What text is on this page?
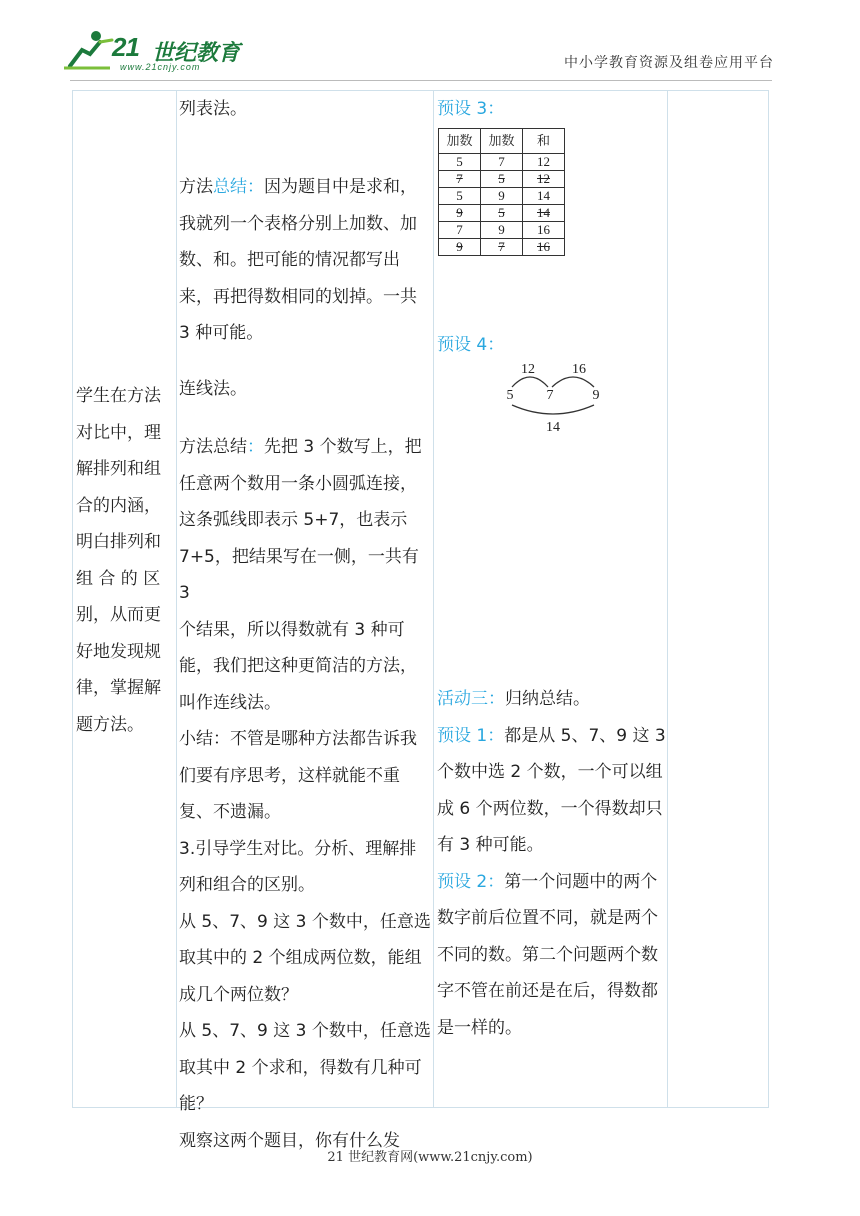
21 世纪教育
www.21cnjy.com	中小学教育资源及组卷应用平台
学生在方法
对比中，理
解排列和组
合的内涵，
明白排列和
组 合 的 区
别，从而更
好地发现规
律，掌握解
题方法。
列表法。
方法总结：因为题目中是求和，
我就列一个表格分别上加数、加
数、和。把可能的情况都写出
来，再把得数相同的划掉。一共
3 种可能。
连线法。
方法总结：先把 3 个数写上，把
任意两个数用一条小圆弧连接，
这条弧线即表示 5+7，也表示
7+5，把结果写在一侧，一共有 3
个结果，所以得数就有 3 种可
能，我们把这种更简洁的方法，
叫作连线法。
小结：不管是哪种方法都告诉我
们要有序思考，这样就能不重
复、不遗漏。
3.引导学生对比。分析、理解排
列和组合的区别。
从 5、7、9 这 3 个数中，任意选
取其中的 2 个组成两位数，能组
成几个两位数？
从 5、7、9 这 3 个数中，任意选
取其中 2 个求和，得数有几种可
能？
观察这两个题目，你有什么发
预设 3：
加数	加数	和
5	7	12
7	5	12
5	9	14
9	5	14
7	9	16
9	7	16
预设 4：
5 7	9
12	16
14
活动三：归纳总结。
预设 1：都是从 5、7、9 这 3
个数中选 2 个数，一个可以组
成 6 个两位数，一个得数却只
有 3 种可能。
预设 2：第一个问题中的两个
数字前后位置不同，就是两个
不同的数。第二个问题两个数
字不管在前还是在后，得数都
是一样的。
21 世纪教育网(www.21cnjy.com)
